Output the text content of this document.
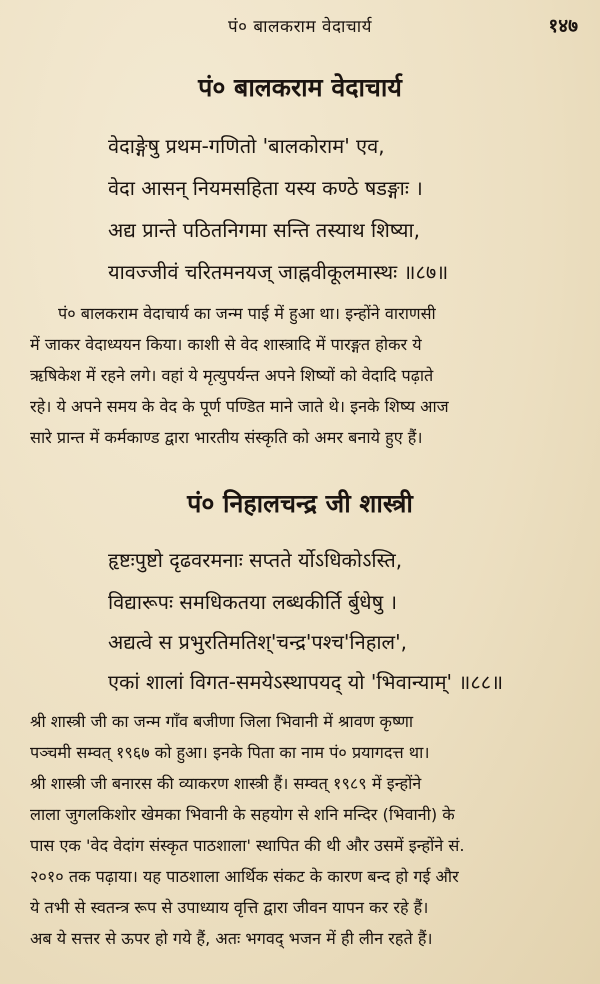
पं० बालकराम वेदाचार्य	१४७
पं० बालकराम वेदाचार्य
वेदाङ्गेषु प्रथम-गणितो 'बालकोराम' एव,
वेदा आसन् नियमसहिता यस्य कण्ठे षडङ्गाः ।
अद्य प्रान्ते पठितनिगमा सन्ति तस्याथ शिष्या,
यावज्जीवं चरितमनयज् जाह्नवीकूलमास्थः ॥८७॥

पं० बालकराम वेदाचार्य का जन्म पाई में हुआ था। इन्होंने वाराणसी

में जाकर वेदाध्ययन किया। काशी से वेद शास्त्रादि में पारङ्गत होकर ये

ऋषिकेश में रहने लगे। वहां ये मृत्युपर्यन्त अपने शिष्यों को वेदादि पढ़ाते

रहे। ये अपने समय के वेद के पूर्ण पण्डित माने जाते थे। इनके शिष्य आज

सारे प्रान्त में कर्मकाण्ड द्वारा भारतीय संस्कृति को अमर बनाये हुए हैं।

पं० निहालचन्द्र जी शास्त्री
हृष्टःपुष्टो दृढवरमनाः सप्तते र्योऽधिकोऽस्ति,
विद्यारूपः समधिकतया लब्धकीर्ति र्बुधेषु ।
अद्यत्वे स प्रभुरतिमतिश्'चन्द्र'पश्च'निहाल',
एकां शालां विगत-समयेऽस्थापयद् यो 'भिवान्याम्' ॥८८॥

श्री शास्त्री जी का जन्म गाँव बजीणा जिला भिवानी में श्रावण कृष्णा

पञ्चमी सम्वत् १९६७ को हुआ। इनके पिता का नाम पं० प्रयागदत्त था।

श्री शास्त्री जी बनारस की व्याकरण शास्त्री हैं। सम्वत् १९८९ में इन्होंने

लाला जुगलकिशोर खेमका भिवानी के सहयोग से शनि मन्दिर (भिवानी) के

पास एक 'वेद वेदांग संस्कृत पाठशाला' स्थापित की थी और उसमें इन्होंने सं.

२०१० तक पढ़ाया। यह पाठशाला आर्थिक संकट के कारण बन्द हो गई और

ये तभी से स्वतन्त्र रूप से उपाध्याय वृत्ति द्वारा जीवन यापन कर रहे हैं।

अब ये सत्तर से ऊपर हो गये हैं, अतः भगवद् भजन में ही लीन रहते हैं।
